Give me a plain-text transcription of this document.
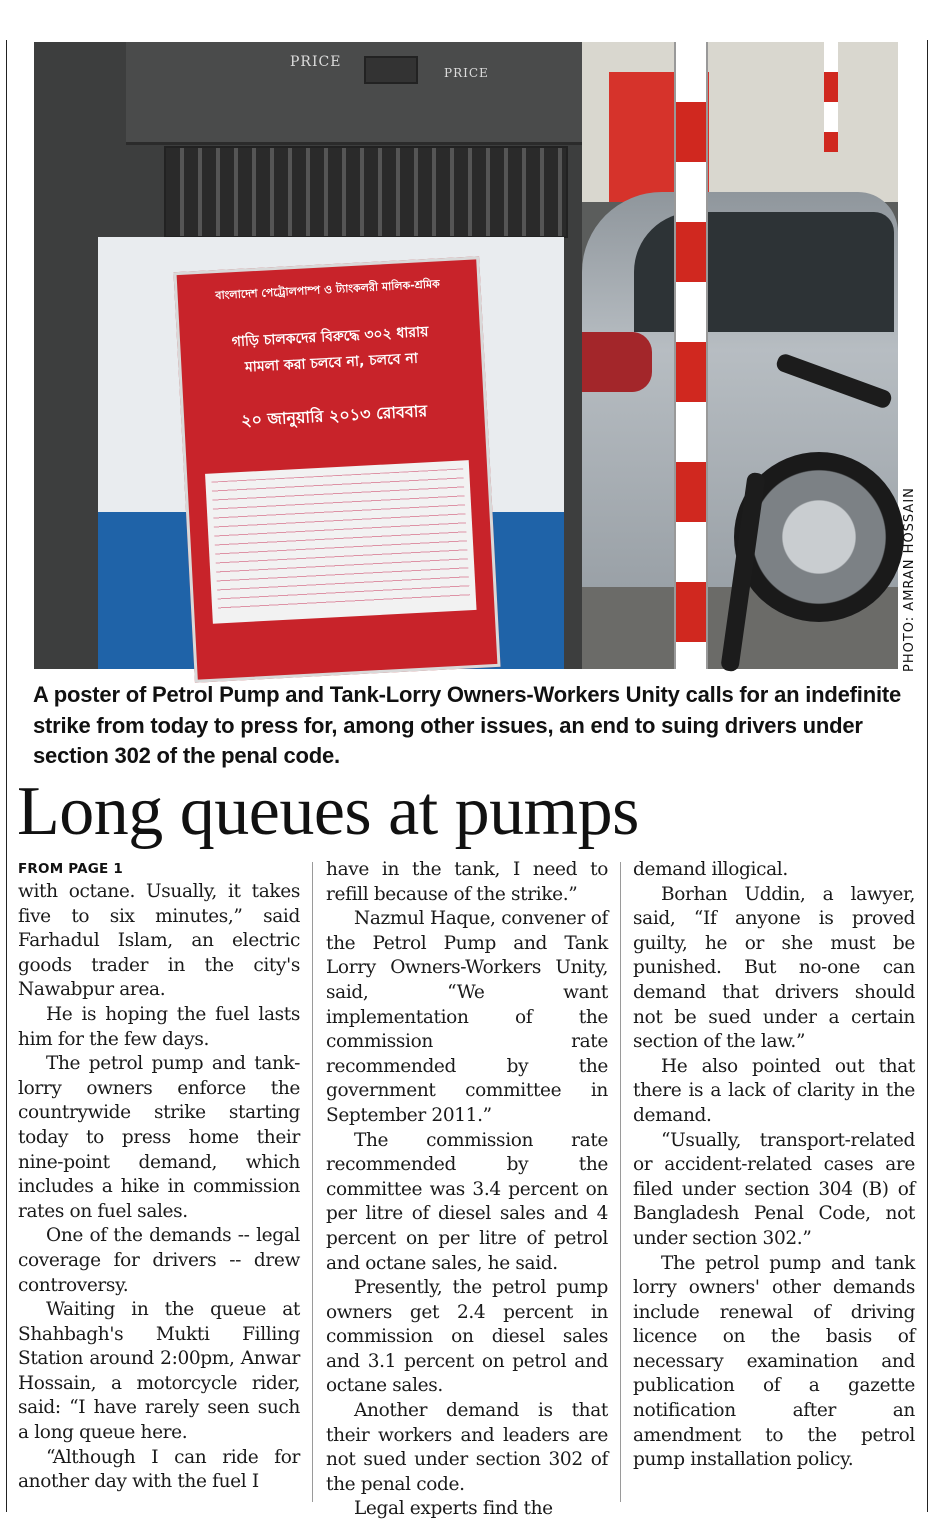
PRICE
PRICE
বাংলাদেশ পেট্রোলপাম্প ও ট্যাংকলরী মালিক-শ্রমিক
গাড়ি চালকদের বিরুদ্ধে ৩০২ ধারায়
মামলা করা চলবে না, চলবে না
২০ জানুয়ারি ২০১৩ রোববার
PHOTO: AMRAN HOSSAIN
A poster of Petrol Pump and Tank-Lorry Owners-Workers Unity calls for an indefinite strike from today to press for, among other issues, an end to suing drivers under section 302 of the penal code.
Long queues at pumps
FROM PAGE 1

with octane. Usually, it takes five to six minutes,” said Farhadul Islam, an electric goods trader in the city's Nawabpur area.

He is hoping the fuel lasts him for the few days.

The petrol pump and tank-lorry owners enforce the countrywide strike starting today to press home their nine-point demand, which includes a hike in commission rates on fuel sales.

One of the demands -- legal coverage for drivers -- drew controversy.

Waiting in the queue at Shahbagh's Mukti Filling Station around 2:00pm, Anwar Hossain, a motorcycle rider, said: “I have rarely seen such a long queue here.

“Although I can ride for another day with the fuel I

have in the tank, I need to refill because of the strike.”

Nazmul Haque, convener of the Petrol Pump and Tank Lorry Owners-Workers Unity, said, “We want implementation of the commission rate recommended by the government committee in September 2011.”

The commission rate recommended by the committee was 3.4 percent on per litre of diesel sales and 4 percent on per litre of petrol and octane sales, he said.

Presently, the petrol pump owners get 2.4 percent in commission on diesel sales and 3.1 percent on petrol and octane sales.

Another demand is that their workers and leaders are not sued under section 302 of the penal code.

Legal experts find the

demand illogical.

Borhan Uddin, a lawyer, said, “If anyone is proved guilty, he or she must be punished. But no-one can demand that drivers should not be sued under a certain section of the law.”

He also pointed out that there is a lack of clarity in the demand.

“Usually, transport-related or accident-related cases are filed under section 304 (B) of Bangladesh Penal Code, not under section 302.”

The petrol pump and tank lorry owners' other demands include renewal of driving licence on the basis of necessary examination and publication of a gazette notification after an amendment to the petrol pump installation policy.
